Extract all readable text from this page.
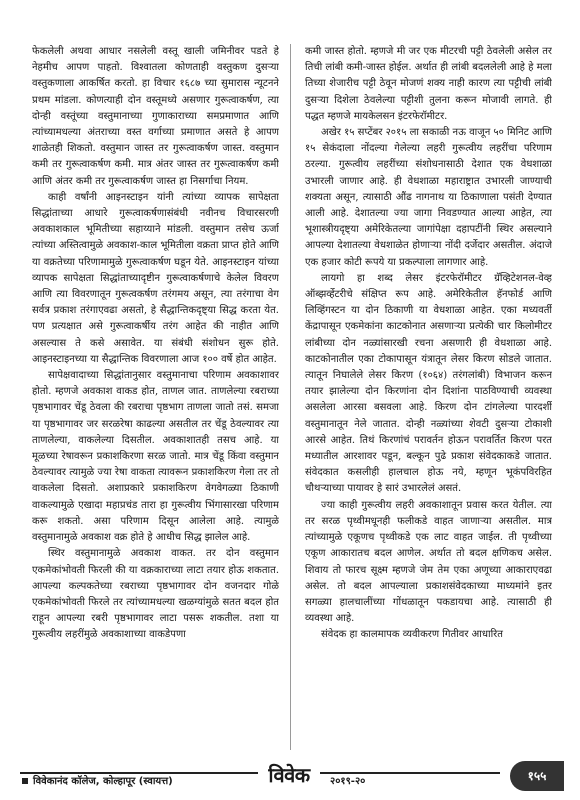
फेकलेली अथवा आधार नसलेली वस्तू खाली जमिनीवर पडते हे नेहमीच आपण पाहतो. विश्वातला कोणताही वस्तुकण दुसऱ्या वस्तुकणाला आकर्षित करतो. हा विचार १६८७ च्या सुमारास न्यूटनने प्रथम मांडला. कोणत्याही दोन वस्तूमध्ये असणार गुरूत्वाकर्षण, त्या दोन्ही वस्तूंच्या वस्तुमानाच्या गुणाकाराच्या समप्रमाणात आणि त्यांच्यामधल्या अंतराच्या वस्त वर्गाच्या प्रमाणात असते हे आपण शाळेतही शिकतो. वस्तुमान जास्त तर गुरूत्वाकर्षण जास्त. वस्तुमान कमी तर गुरूत्वाकर्षण कमी. मात्र अंतर जास्त तर गुरूत्वाकर्षण कमी आणि अंतर कमी तर गुरूत्वाकर्षण जास्त हा निसर्गाचा नियम.

काही वर्षांनी आइनस्टाइन यांनी त्यांच्या व्यापक सापेक्षता सिद्धांताच्या आधारे गुरूत्वाकर्षणासंबंधी नवीनच विचारसरणी अवकाशकाल भूमितीच्या सहाय्याने मांडली. वस्तुमान तसेच ऊर्जा त्यांच्या अस्तित्वामुळे अवकाश-काल भूमितीला वक्रता प्राप्त होते आणि या वक्रतेच्या परिणामामुळे गुरूत्वाकर्षण घडून येते. आइनस्टाइन यांच्या व्यापक सापेक्षता सिद्धांताच्यादृष्टीन गुरूत्वाकर्षणाचे केलेल विवरण आणि त्या विवरणातून गुरूत्वकर्षण तरंगमय असून, त्या तरंगाचा वेग सर्वत्र प्रकाश तरंगाएवढा असतो, हे सैद्धान्तिकदृष्ट्या सिद्ध करता येत. पण प्रत्यक्षात असे गुरूत्वाकर्षीय तरंग आहेत की नाहीत आणि असल्यास ते कसे असावेत. या संबंधी संशोधन सुरू होते. आइनस्टाइनच्या या सैद्धान्तिक विवरणाला आज १०० वर्षे होत आहेत.

सापेक्षवादाच्या सिद्धांतानुसार वस्तुमानाचा परिणाम अवकाशावर होतो. म्हणजे अवकाश वाकड होत, ताणल जात. ताणलेल्या रबराच्या पृष्ठभागावर चेंडू ठेवला की रबराचा पृष्ठभाग ताणला जातो तसं. समजा या पृष्ठभागावर जर सरळरेषा काढल्या असतील तर चेंडू ठेवल्यावर त्या ताणलेल्या, वाकलेल्या दिसतील. अवकाशातही तसच आहे. या मूळच्या रेषावरून प्रकाशकिरणा सरळ जातो. मात्र चेंडू किंवा वस्तुमान ठेवल्यावर त्यामुळे ज्या रेषा वाकता त्यावरून प्रकाशकिरण गेला तर तो वाकलेला दिसतो. अशाप्रकारे प्रकाशकिरण वेगवेगळ्या ठिकाणी वाकल्यामुळे एखादा महाप्रचंड तारा हा गुरूत्वीय भिंगासारखा परिणाम करू शकतो. असा परिणाम दिसून आलेला आहे. त्यामुळे वस्तुमानामुळे अवकाश वक्र होते हे आधीच सिद्ध झालेल आहे.

स्थिर वस्तुमानामुळे अवकाश वाकत. तर दोन वस्तुमान एकमेकांभोवती फिरली की या वक्रकाराच्या लाटा तयार होऊ शकतात. आपल्या कल्पकतेच्या रबराच्या पृष्ठभागावर दोन वजनदार गोळे एकमेकांभोवती फिरले तर त्यांच्यामधल्या खळग्यांमुळे सतत बदल होत राहून आपल्या रबरी पृष्ठभागावर लाटा पसरू शकतील. तशा या गुरूत्वीय लहरींमुळे अवकाशाच्या वाकडेपणा

कमी जास्त होतो. म्हणजे मी जर एक मीटरची पट्टी ठेवलेली असेल तर तिची लांबी कमी-जास्त होईल. अर्थात ही लांबी बदललेली आहे हे मला तिच्या शेजारीच पट्टी ठेवून मोजणं शक्य नाही कारण त्या पट्टीची लांबी दुसऱ्या दिशेला ठेवलेल्या पट्टीशी तुलना करून मोजावी लागते. ही पद्धत म्हणजे मायकेलसन इंटरफेरॉमीटर.

अखेर १५ सप्टेंबर २०१५ ला सकाळी नऊ वाजून ५० मिनिट आणि १५ सेकंदाला नोंदल्या गेलेल्या लहरी गुरूत्वीय लहरींचा परिणाम ठरल्या. गुरूत्वीय लहरींच्या संशोधनासाठी देशात एक वेधशाळा उभारली जाणार आहे. ही वेधशाळा महाराष्ट्रात उभारली जाण्याची शक्यता असून, त्यासाठी औंढ नागनाथ या ठिकाणाला पसंती देण्यात आली आहे. देशातल्या ज्या जागा निवडण्यात आल्या आहेत, त्या भूशास्त्रीयदृष्ट्या अमेरिकेतल्या जागांपेक्षा दहापटींनी स्थिर असल्याने आपल्या देशातल्या वेधशाळेत होणाऱ्या नोंदी दर्जेदार असतील. अंदाजे एक हजार कोटी रूपये या प्रकल्पाला लागणार आहे.

लायगो हा शब्द लेसर इंटरफेरॉमीटर ग्रॅव्हिटेशनल-वेव्ह ऑब्झर्व्हेटरीचे संक्षिप्त रूप आहे. अमेरिकेतील हॅनफोर्ड आणि लिव्हिंगस्टन या दोन ठिकाणी या वेधशाळा आहेत. एका मध्यवर्ती केंद्रापासून एकमेकांना काटकोनात असणाऱ्या प्रत्येकी चार किलोमीटर लांबीच्या दोन नळ्यांसारखी रचना असणारी ही वेधशाळा आहे. काटकोनातील एका टोकापासून यंत्रातून लेसर किरण सोडले जातात. त्यातून निघालेले लेसर किरण (१०६४) तरंगलांबी) विभाजन करून तयार झालेल्या दोन किरणांना दोन दिशांना पाठविण्याची व्यवस्था असलेला आरसा बसवला आहे. किरण दोन टांगलेल्या पारदर्शी वस्तुमानातून नेले जातात. दोन्ही नळ्यांच्या शेवटी दुसऱ्या टोकाशी आरसे आहेत. तिथं किरणांचं परावर्तन होऊन परावर्तित किरण परत मध्यातील आरशावर पडून, बल्कून पुढे प्रकाश संवेदकाकडे जातात. संवेदकात कसलीही हालचाल होऊ नये, म्हणून भूकंपविरहित चौथऱ्याच्या पायावर हे सारं उभारलेलं असतं.

ज्या काही गुरूत्वीय लहरी अवकाशातून प्रवास करत येतील. त्या तर सरळ पृथ्वीमधूनही फलीकडे वाहत जाणाऱ्या असतील. मात्र त्यांच्यामुळे एकूणच पृथ्वीकडे एक लाट वाहत जाईल. ती पृथ्वीच्या एकूण आकारातच बदल आणेल. अर्थात तो बदल क्षणिकच असेल. शिवाय तो फारच सूक्ष्म म्हणजे जेम तेम एका अणूच्या आकाराएवढा असेल. तो बदल आपल्याला प्रकाशसंवेदकाच्या माध्यमांने इतर सगळ्या हालचालींच्या गोंधळातून पकडायचा आहे. त्यासाठी ही व्यवस्था आहे.

संवेदक हा कालमापक व्यवीकरण गितीवर आधारित

विवेकानंद कॉलेज, कोल्हापूर (स्वायत्त)	विवेक	२०१९-२०	१५५
